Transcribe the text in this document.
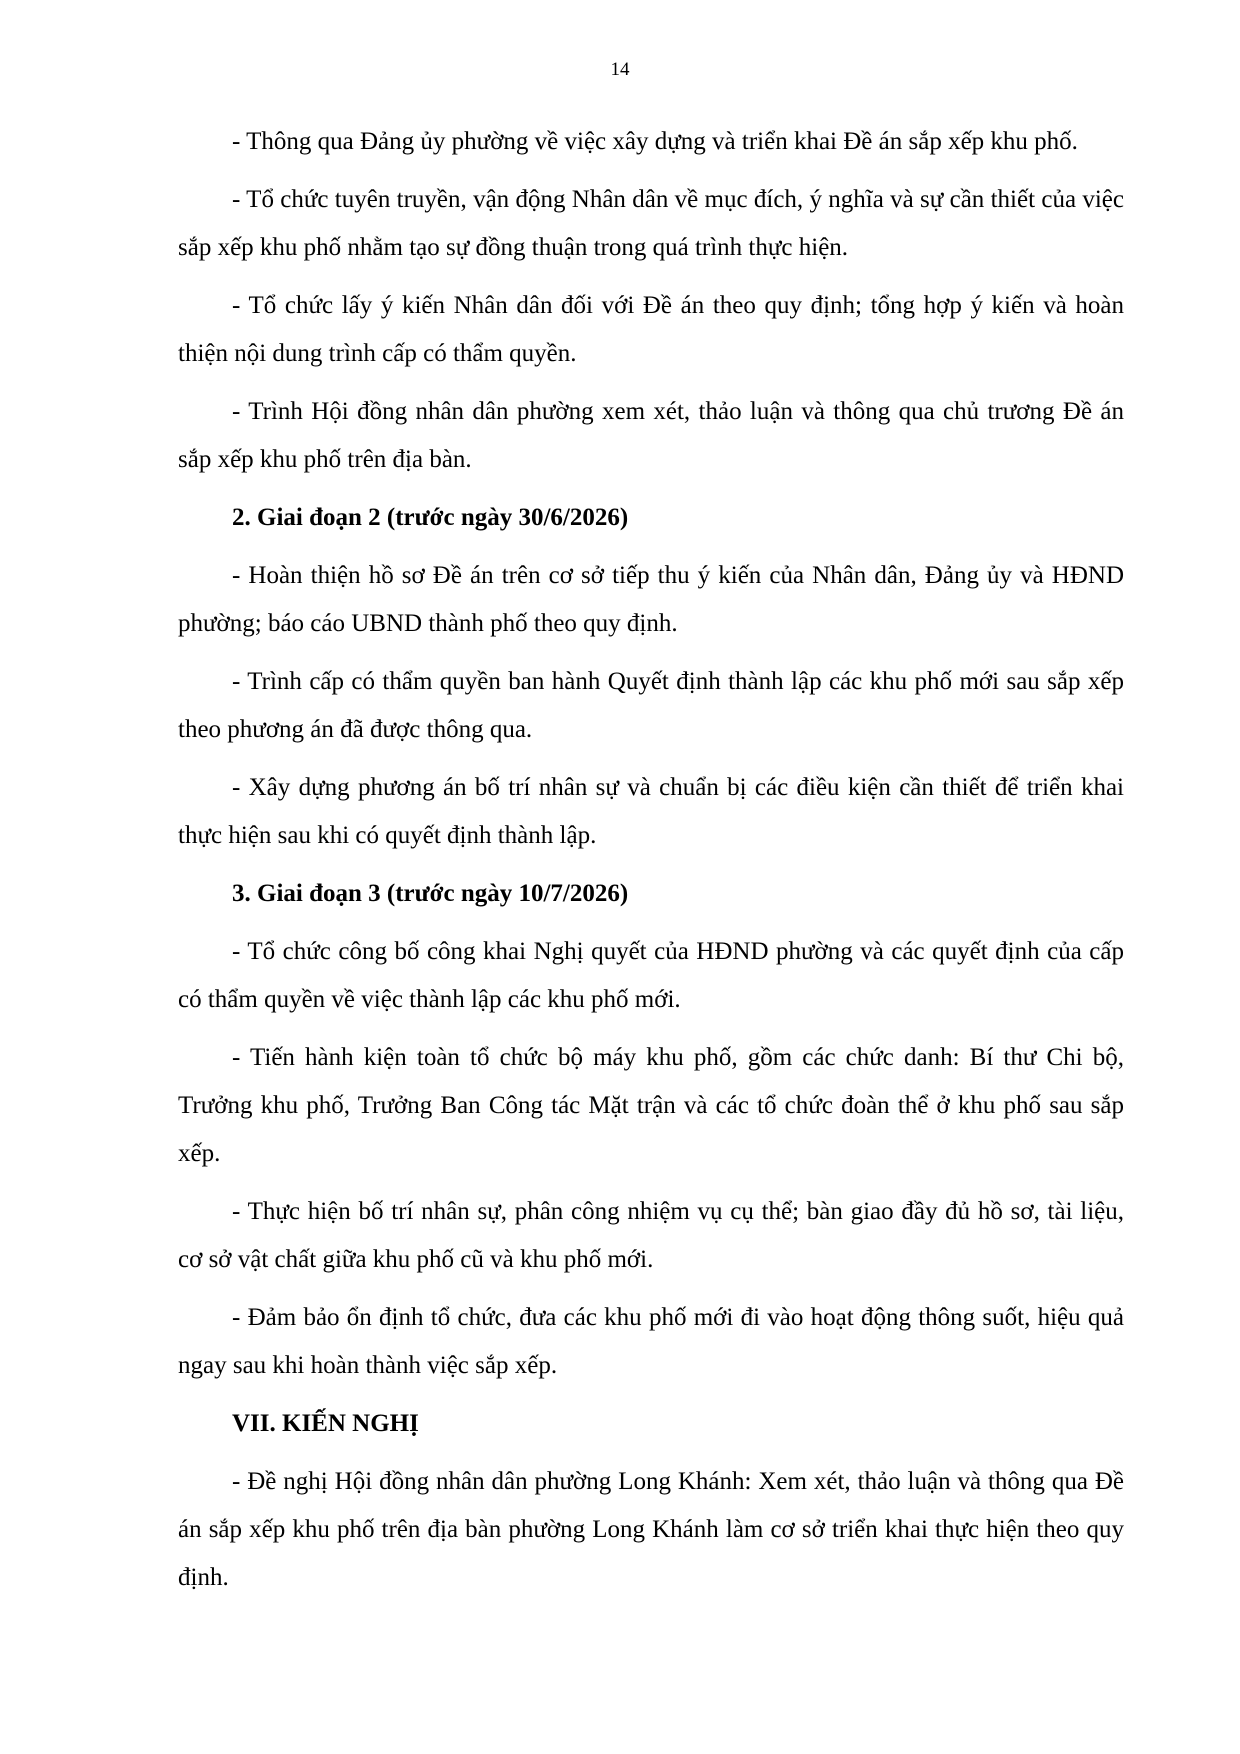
14

- Thông qua Đảng ủy phường về việc xây dựng và triển khai Đề án sắp xếp khu phố.

- Tổ chức tuyên truyền, vận động Nhân dân về mục đích, ý nghĩa và sự cần thiết của việc sắp xếp khu phố nhằm tạo sự đồng thuận trong quá trình thực hiện.

- Tổ chức lấy ý kiến Nhân dân đối với Đề án theo quy định; tổng hợp ý kiến và hoàn thiện nội dung trình cấp có thẩm quyền.

- Trình Hội đồng nhân dân phường xem xét, thảo luận và thông qua chủ trương Đề án sắp xếp khu phố trên địa bàn.

2. Giai đoạn 2 (trước ngày 30/6/2026)

- Hoàn thiện hồ sơ Đề án trên cơ sở tiếp thu ý kiến của Nhân dân, Đảng ủy và HĐND phường; báo cáo UBND thành phố theo quy định.

- Trình cấp có thẩm quyền ban hành Quyết định thành lập các khu phố mới sau sắp xếp theo phương án đã được thông qua.

- Xây dựng phương án bố trí nhân sự và chuẩn bị các điều kiện cần thiết để triển khai thực hiện sau khi có quyết định thành lập.

3. Giai đoạn 3 (trước ngày 10/7/2026)

- Tổ chức công bố công khai Nghị quyết của HĐND phường và các quyết định của cấp có thẩm quyền về việc thành lập các khu phố mới.

- Tiến hành kiện toàn tổ chức bộ máy khu phố, gồm các chức danh: Bí thư Chi bộ, Trưởng khu phố, Trưởng Ban Công tác Mặt trận và các tổ chức đoàn thể ở khu phố sau sắp xếp.

- Thực hiện bố trí nhân sự, phân công nhiệm vụ cụ thể; bàn giao đầy đủ hồ sơ, tài liệu, cơ sở vật chất giữa khu phố cũ và khu phố mới.

- Đảm bảo ổn định tổ chức, đưa các khu phố mới đi vào hoạt động thông suốt, hiệu quả ngay sau khi hoàn thành việc sắp xếp.

VII. KIẾN NGHỊ

- Đề nghị Hội đồng nhân dân phường Long Khánh: Xem xét, thảo luận và thông qua Đề án sắp xếp khu phố trên địa bàn phường Long Khánh làm cơ sở triển khai thực hiện theo quy định.
